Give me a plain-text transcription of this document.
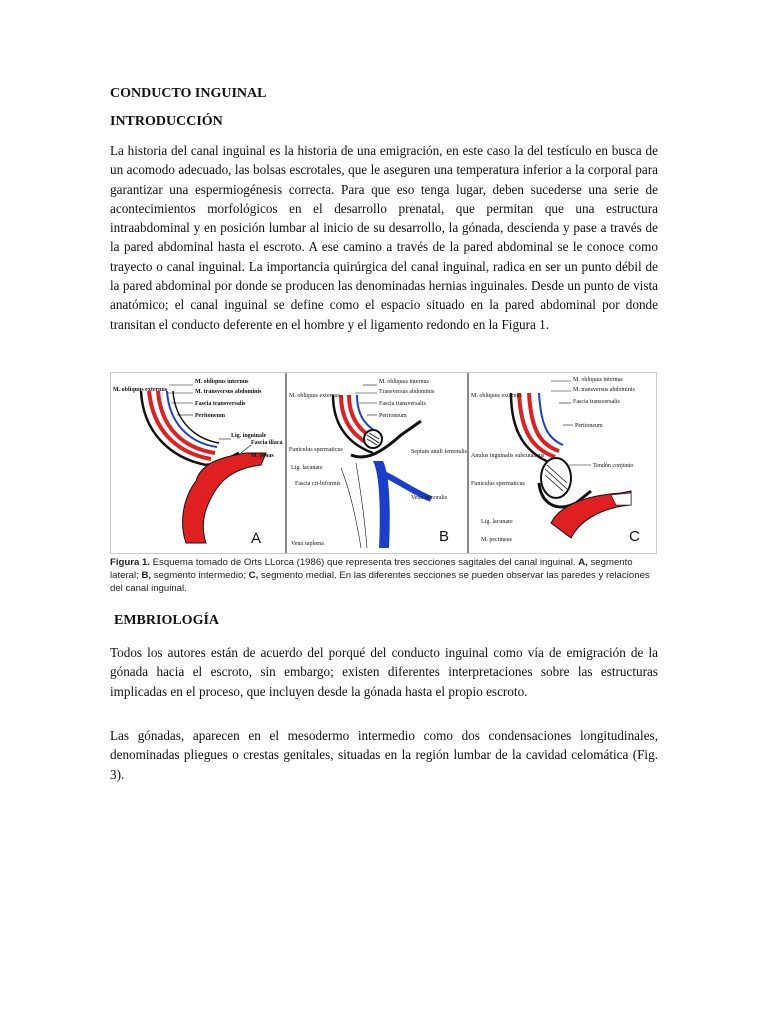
CONDUCTO INGUINAL
INTRODUCCIÓN

La historia del canal inguinal es la historia de una emigración, en este caso la del testículo en busca de un acomodo adecuado, las bolsas escrotales, que le aseguren una temperatura inferior a la corporal para garantizar una espermiogénesis correcta. Para que eso tenga lugar, deben sucederse una serie de acontecimientos morfológicos en el desarrollo prenatal, que permitan que una estructura intraabdominal y en posición lumbar al inicio de su desarrollo, la gónada, descienda y pase a través de la pared abdominal hasta el escroto. A ese camino a través de la pared abdominal se le conoce como trayecto o canal inguinal. La importancia quirúrgica del canal inguinal, radica en ser un punto débil de la pared abdominal por donde se producen las denominadas hernias inguinales. Desde un punto de vista anatómico; el canal inguinal se define como el espacio situado en la pared abdominal por donde transitan el conducto deferente en el hombre y el ligamento redondo en la Figura 1.

M. obliquus internus
M. obliquus externus	M. transversus abdominis
Fascia transversalis
Peritoneum
Lig. inguinale
Fascia iliaca
M. psoas
A
M. obliquus internus
M. obliquus externus
Transversus abdominis
Fascia transversalis
Peritoneum
Funiculus spermaticus
Lig. lacunare
Septum anuli femoralis
Fascia cri-biformis
Vena femoralis
Vena saphena	B
M. obliquus internus
M. obliquus externus
M. transversus abdominis
Fascia transversalis
Peritoneum
Anulus inguinalis subcutaneus
Tendón conjunto
Funiculus spermaticus
Lig. lacunare
M. pectineus	C

Figura 1. Esquema tomado de Orts LLorca (1986) que representa tres secciones sagitales del canal inguinal. A, segmento lateral; B, segmento intermedio; C, segmento medial. En las diferentes secciones se pueden observar las paredes y relaciones del canal inguinal.

EMBRIOLOGÍA

Todos los autores están de acuerdo del porqué del conducto inguinal como vía de emigración de la gónada hacia el escroto, sin embargo; existen diferentes interpretaciones sobre las estructuras implicadas en el proceso, que incluyen desde la gónada hasta el propio escroto.

Las gónadas, aparecen en el mesodermo intermedio como dos condensaciones longitudinales, denominadas pliegues o crestas genitales, situadas en la región lumbar de la cavidad celomática (Fig. 3).
